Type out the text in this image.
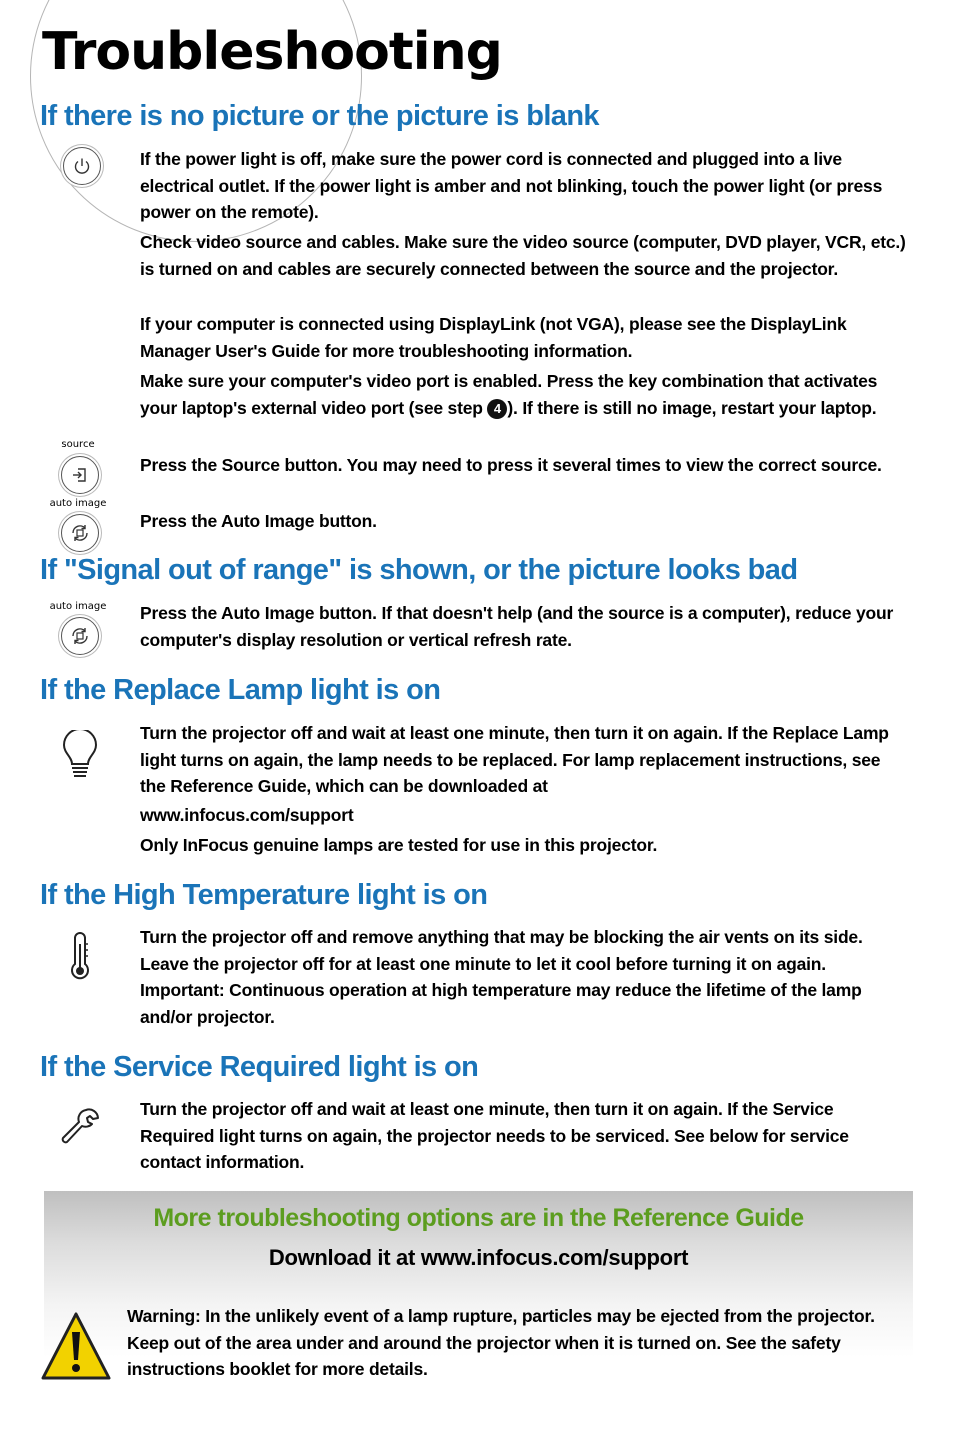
Troubleshooting
If there is no picture or the picture is blank

If the power light is off, make sure the power cord is connected and plugged into a live electrical outlet. If the power light is amber and not blinking, touch the power light (or press power on the remote).

Check video source and cables. Make sure the video source (computer, DVD player, VCR, etc.) is turned on and cables are securely connected between the source and the projector.

If your computer is connected using DisplayLink (not VGA), please see the DisplayLink Manager User's Guide for more troubleshooting information.

Make sure your computer's video port is enabled. Press the key combination that activates your laptop's external video port (see step 4 ). If there is still no image, restart your laptop.

source

Press the Source button. You may need to press it several times to view the correct source.

auto image

Press the Auto Image button.

If "Signal out of range" is shown, or the picture looks bad
auto image	Press the Auto Image button. If that doesn't help (and the source is a computer), reduce your computer's display resolution or vertical refresh rate.

If the Replace Lamp light is on

Turn the projector off and wait at least one minute, then turn it on again. If the Replace Lamp light turns on again, the lamp needs to be replaced. For lamp replacement instructions, see the Reference Guide, which can be downloaded at

www.infocus.com/support

Only InFocus genuine lamps are tested for use in this projector.

If the High Temperature light is on

Turn the projector off and remove anything that may be blocking the air vents on its side. Leave the projector off for at least one minute to let it cool before turning it on again. Important: Continuous operation at high temperature may reduce the lifetime of the lamp and/or projector.

If the Service Required light is on

Turn the projector off and wait at least one minute, then turn it on again. If the Service Required light turns on again, the projector needs to be serviced. See below for service contact information.

More troubleshooting options are in the Reference Guide
Download it at www.infocus.com/support
Warning: In the unlikely event of a lamp rupture, particles may be ejected from the projector. Keep out of the area under and around the projector when it is turned on. See the safety instructions booklet for more details.
